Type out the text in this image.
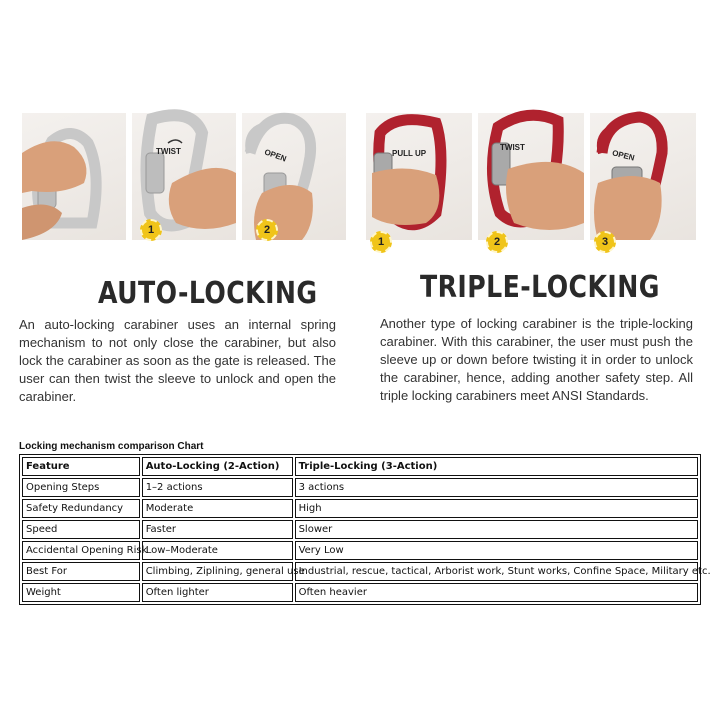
TWIST
1
OPEN
2
PULL UP
1
TWIST
2
OPEN
3
AUTO-LOCKING	TRIPLE-LOCKING
An auto-locking carabiner uses an internal spring mechanism to not only close the carabiner, but also lock the carabiner as soon as the gate is released. The user can then twist the sleeve to unlock and open the carabiner.
Another type of locking carabiner is the triple-locking carabiner. With this carabiner, the user must push the sleeve up or down before twisting it in order to unlock the carabiner, hence, adding another safety step. All triple locking carabiners meet ANSI Standards.
Locking mechanism comparison Chart
Feature	Auto-Locking (2-Action)	Triple-Locking (3-Action)
Opening Steps	1–2 actions	3 actions
Safety Redundancy	Moderate	High
Speed	Faster	Slower
Accidental Opening Risk	Low–Moderate	Very Low
Best For	Climbing, Ziplining, general use	Industrial, rescue, tactical, Arborist work, Stunt works, Confine Space, Military etc.
Weight	Often lighter	Often heavier
